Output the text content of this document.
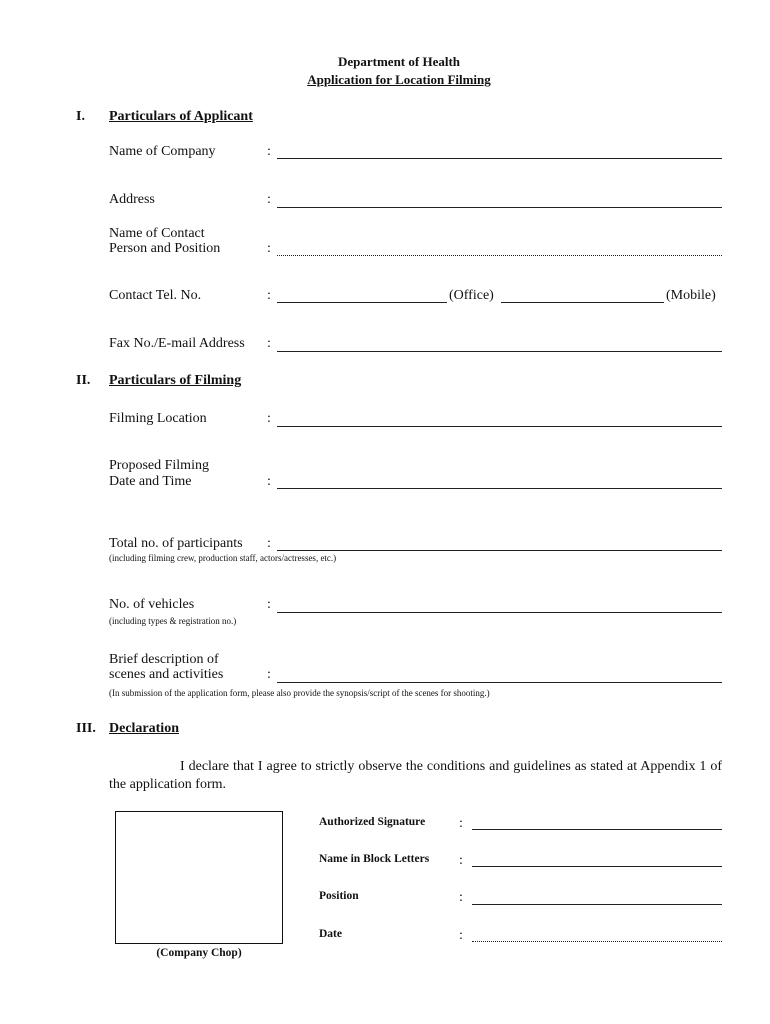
Department of Health
Application for Location Filming
I. Particulars of Applicant
Name of Company	:
Address	:
Name of Contact
Person and Position	:
Contact Tel. No.	:	(Office)	(Mobile)
Fax No./E-mail Address :
II. Particulars of Filming
Filming Location	:
Proposed Filming
Date and Time	:
Total no. of participants :
(including filming crew, production staff, actors/actresses, etc.)
No. of vehicles	:
(including types & registration no.)
Brief description of
scenes and activities	:
(In submission of the application form, please also provide the synopsis/script of the scenes for shooting.)
III. Declaration
I declare that I agree to strictly observe the conditions and guidelines as stated at Appendix 1 of the application form.
(Company Chop)
Authorized Signature :
Name in Block Letters :
Position	:
Date	:
